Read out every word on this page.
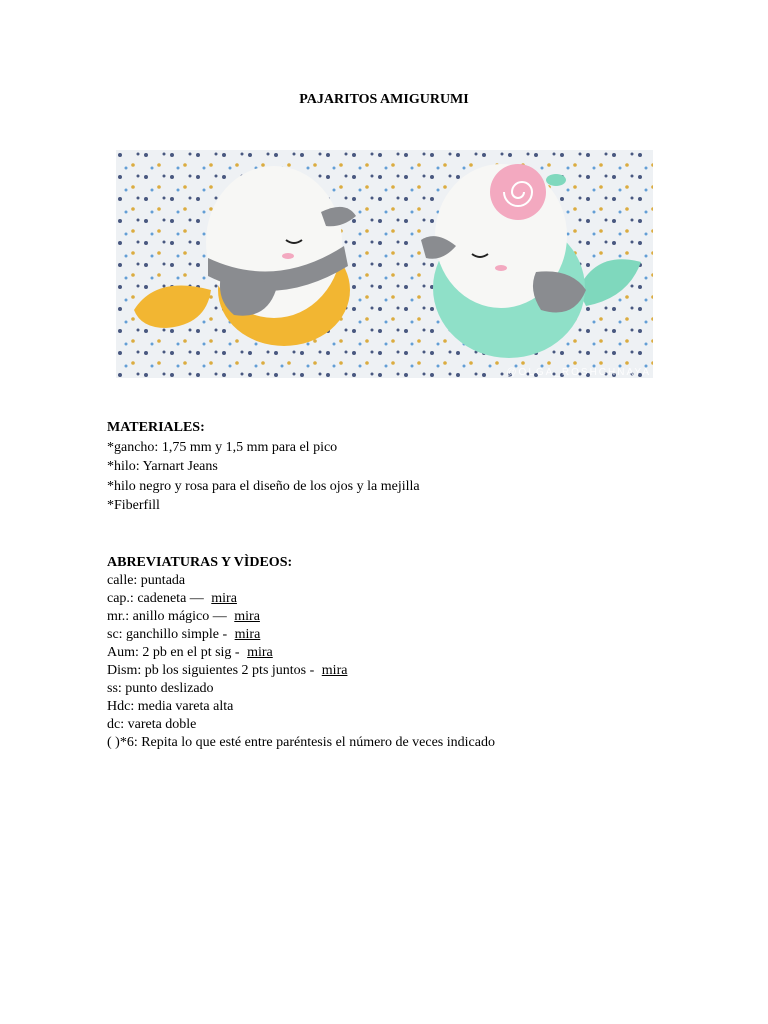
PAJARITOS AMIGURUMI
@OLGA_ROSHCHNAYA
MATERIALES:
*gancho: 1,75 mm y 1,5 mm para el pico
*hilo: Yarnart Jeans
*hilo negro y rosa para el diseño de los ojos y la mejilla
*Fiberfill
ABREVIATURAS Y VÌDEOS:
calle: puntada
cap.: cadeneta — mira
mr.: anillo mágico — mira
sc: ganchillo simple - mira
Aum: 2 pb en el pt sig - mira
Dism: pb los siguientes 2 pts juntos - mira
ss: punto deslizado
Hdc: media vareta alta
dc: vareta doble
( )*6: Repita lo que esté entre paréntesis el número de veces indicado
